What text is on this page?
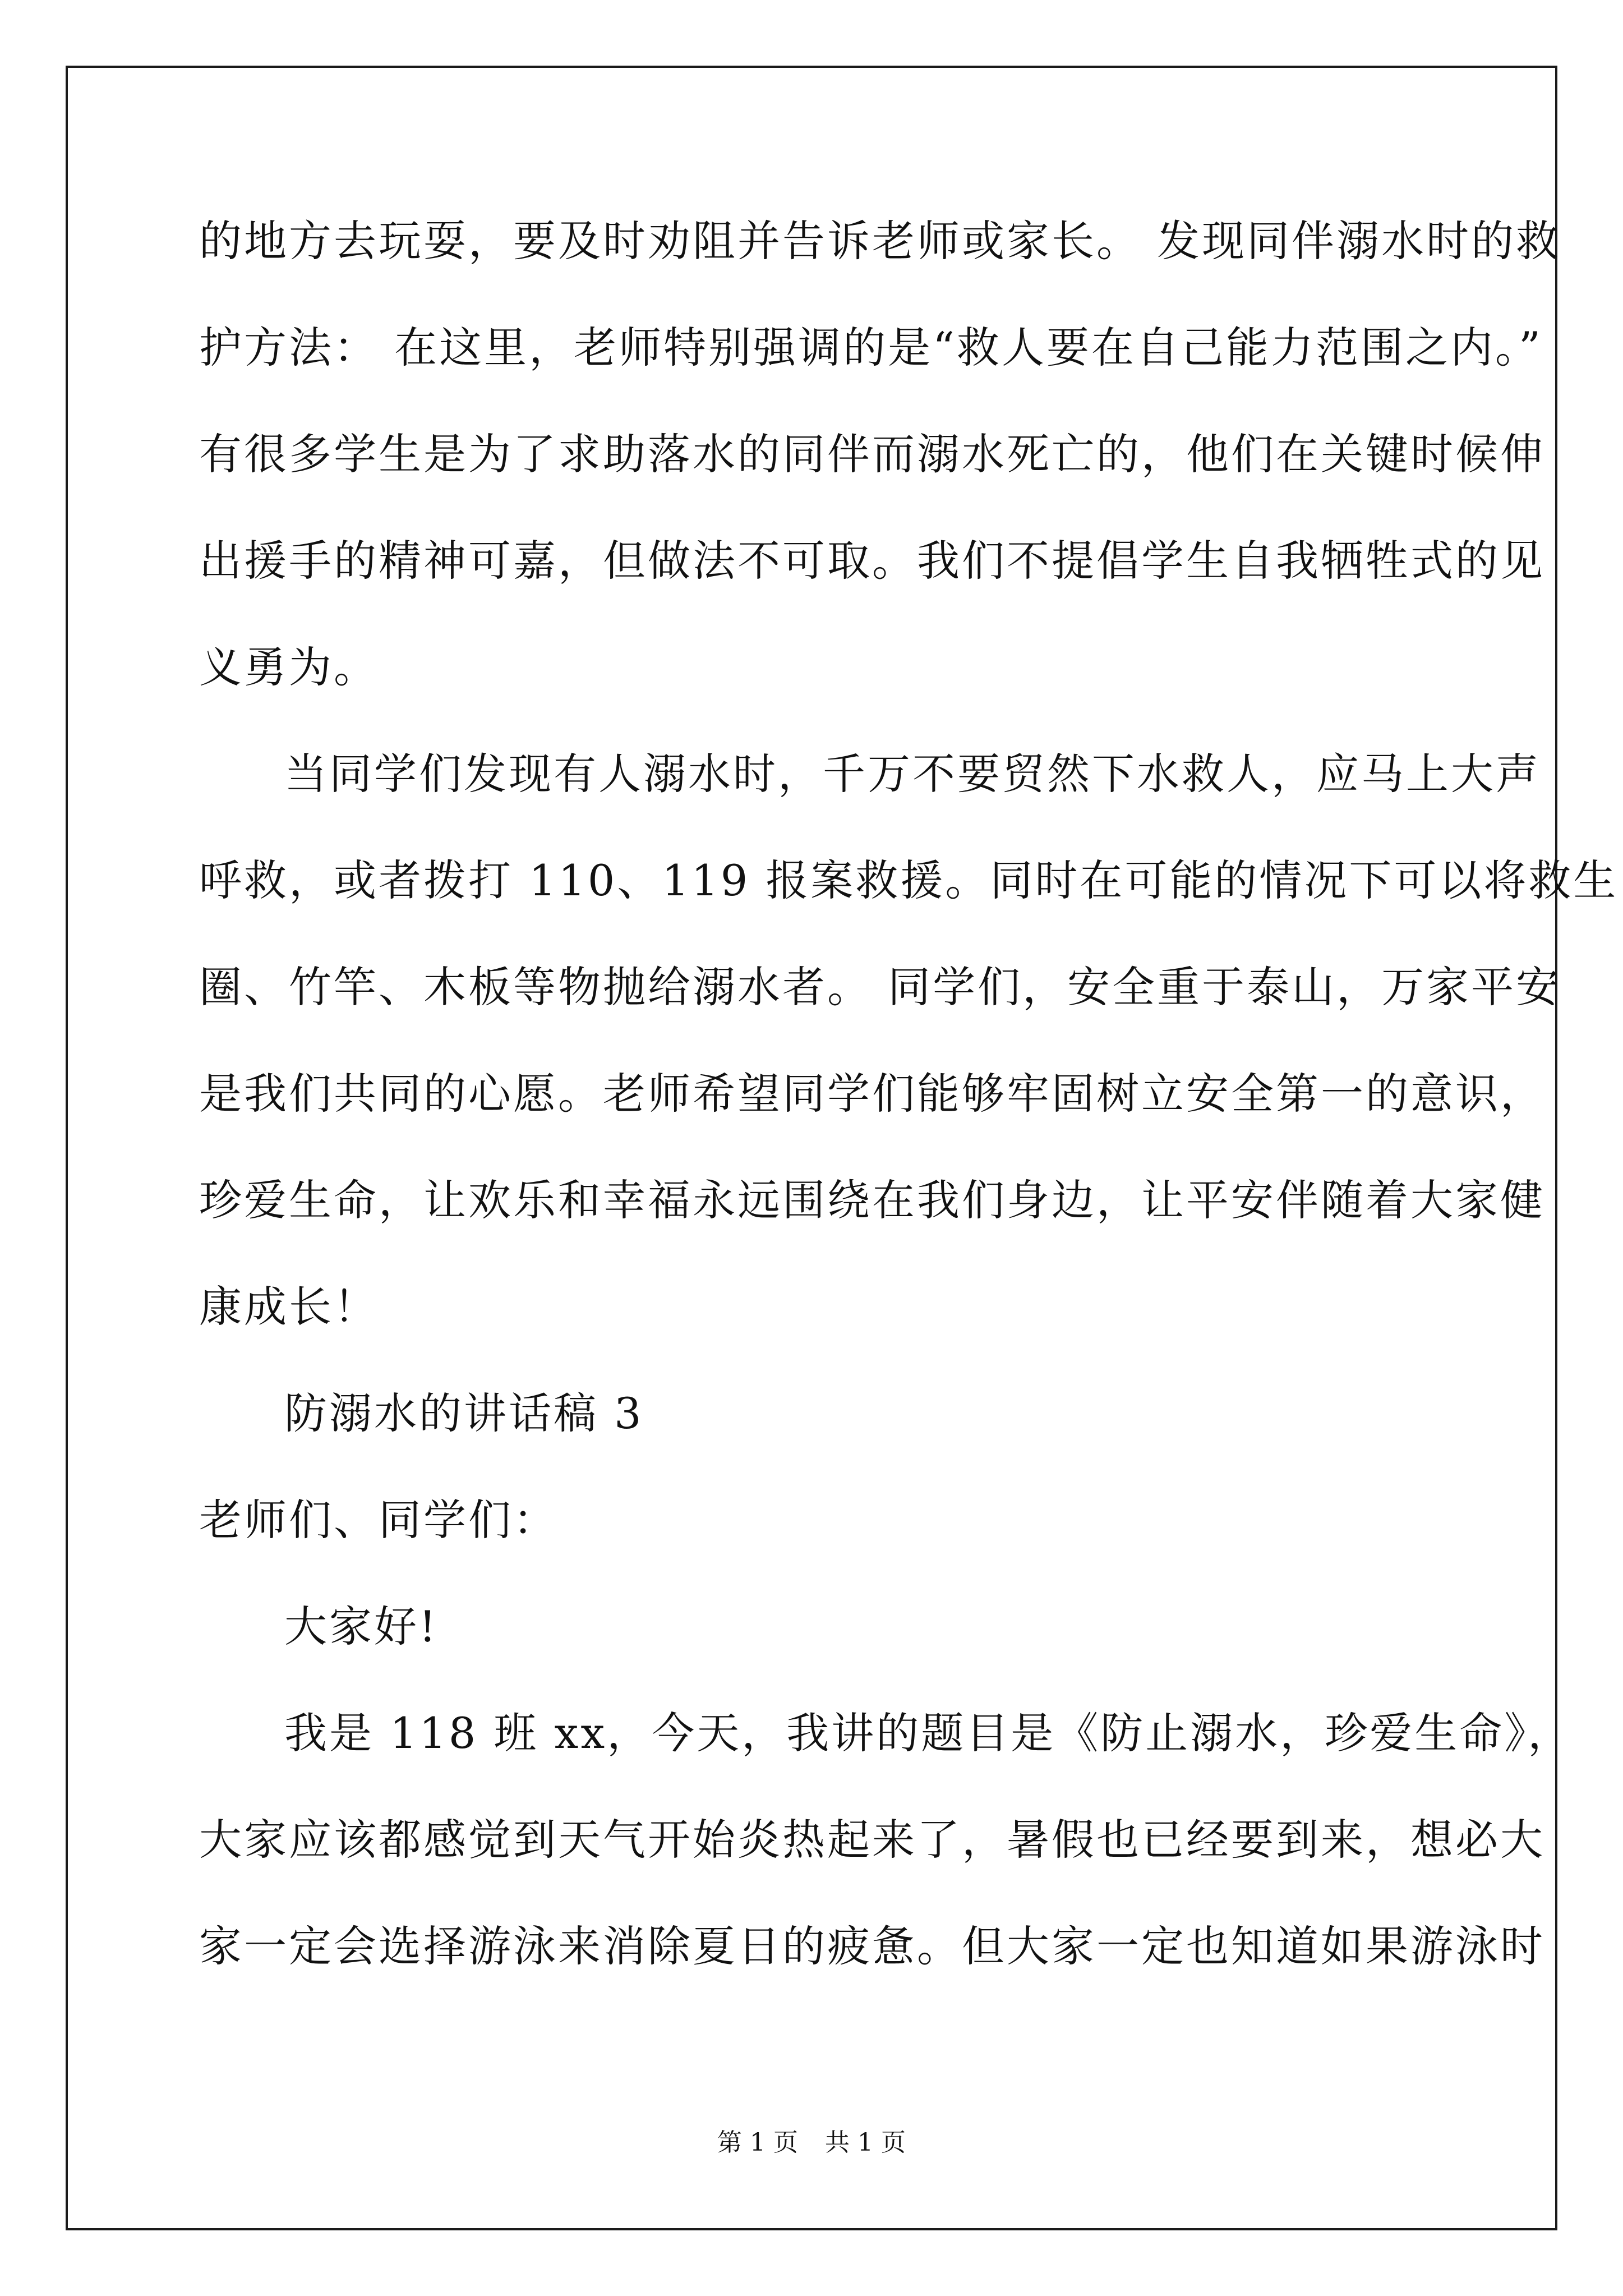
的地方去玩耍，要及时劝阻并告诉老师或家长。 发现同伴溺水时的救
护方法： 在这里，老师特别强调的是“救人要在自己能力范围之内。”
有很多学生是为了求助落水的同伴而溺水死亡的，他们在关键时候伸
出援手的精神可嘉，但做法不可取。我们不提倡学生自我牺牲式的见
义勇为。
当同学们发现有人溺水时，千万不要贸然下水救人，应马上大声
呼救，或者拨打 110、119 报案救援。同时在可能的情况下可以将救生
圈、竹竿、木板等物抛给溺水者。 同学们，安全重于泰山，万家平安
是我们共同的心愿。老师希望同学们能够牢固树立安全第一的意识，
珍爱生命，让欢乐和幸福永远围绕在我们身边，让平安伴随着大家健
康成长！
防溺水的讲话稿 3
老师们、同学们：
大家好!
我是 118 班 xx，今天，我讲的题目是《防止溺水，珍爱生命》，
大家应该都感觉到天气开始炎热起来了，暑假也已经要到来，想必大
家一定会选择游泳来消除夏日的疲惫。但大家一定也知道如果游泳时
第 1 页 共 1 页
